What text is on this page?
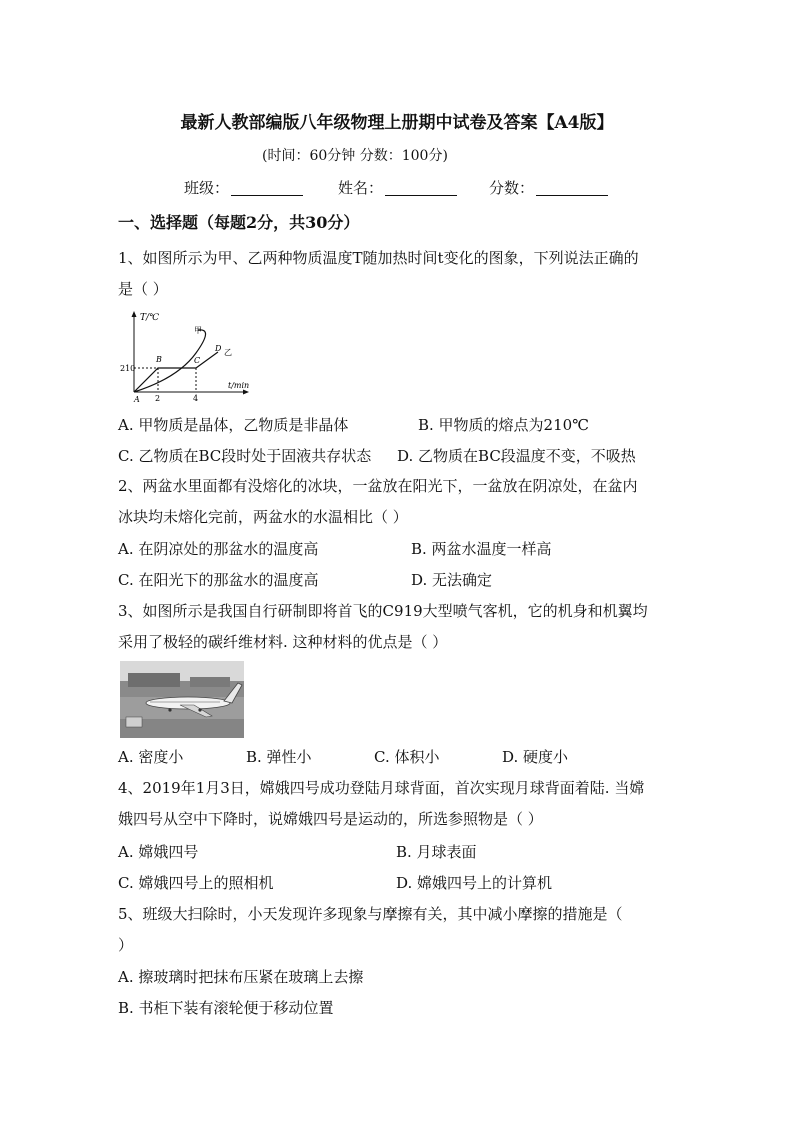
最新人教部编版八年级物理上册期中试卷及答案【A4版】
(时间：60分钟 分数：100分)
班级：	姓名：	分数：
一、选择题（每题2分，共30分）
1、如图所示为甲、乙两种物质温度T随加热时间t变化的图象，下列说法正确的
是（ ）
T/℃
t/min
210
2	4
A
B	C
D
甲
乙
A. 甲物质是晶体，乙物质是非晶体	B. 甲物质的熔点为210℃
C. 乙物质在BC段时处于固液共存状态 D. 乙物质在BC段温度不变，不吸热
2、两盆水里面都有没熔化的冰块，一盆放在阳光下，一盆放在阴凉处，在盆内
冰块均未熔化完前，两盆水的水温相比（ ）
A. 在阴凉处的那盆水的温度高	B. 两盆水温度一样高
C. 在阳光下的那盆水的温度高	D. 无法确定
3、如图所示是我国自行研制即将首飞的C919大型喷气客机，它的机身和机翼均
采用了极轻的碳纤维材料. 这种材料的优点是（ ）
A. 密度小	B. 弹性小	C. 体积小	D. 硬度小
4、2019年1月3日，嫦娥四号成功登陆月球背面，首次实现月球背面着陆. 当嫦
娥四号从空中下降时，说嫦娥四号是运动的，所选参照物是（ ）
A. 嫦娥四号	B. 月球表面
C. 嫦娥四号上的照相机	D. 嫦娥四号上的计算机
5、班级大扫除时，小天发现许多现象与摩擦有关，其中减小摩擦的措施是（
）
A. 擦玻璃时把抹布压紧在玻璃上去擦
B. 书柜下装有滚轮便于移动位置
